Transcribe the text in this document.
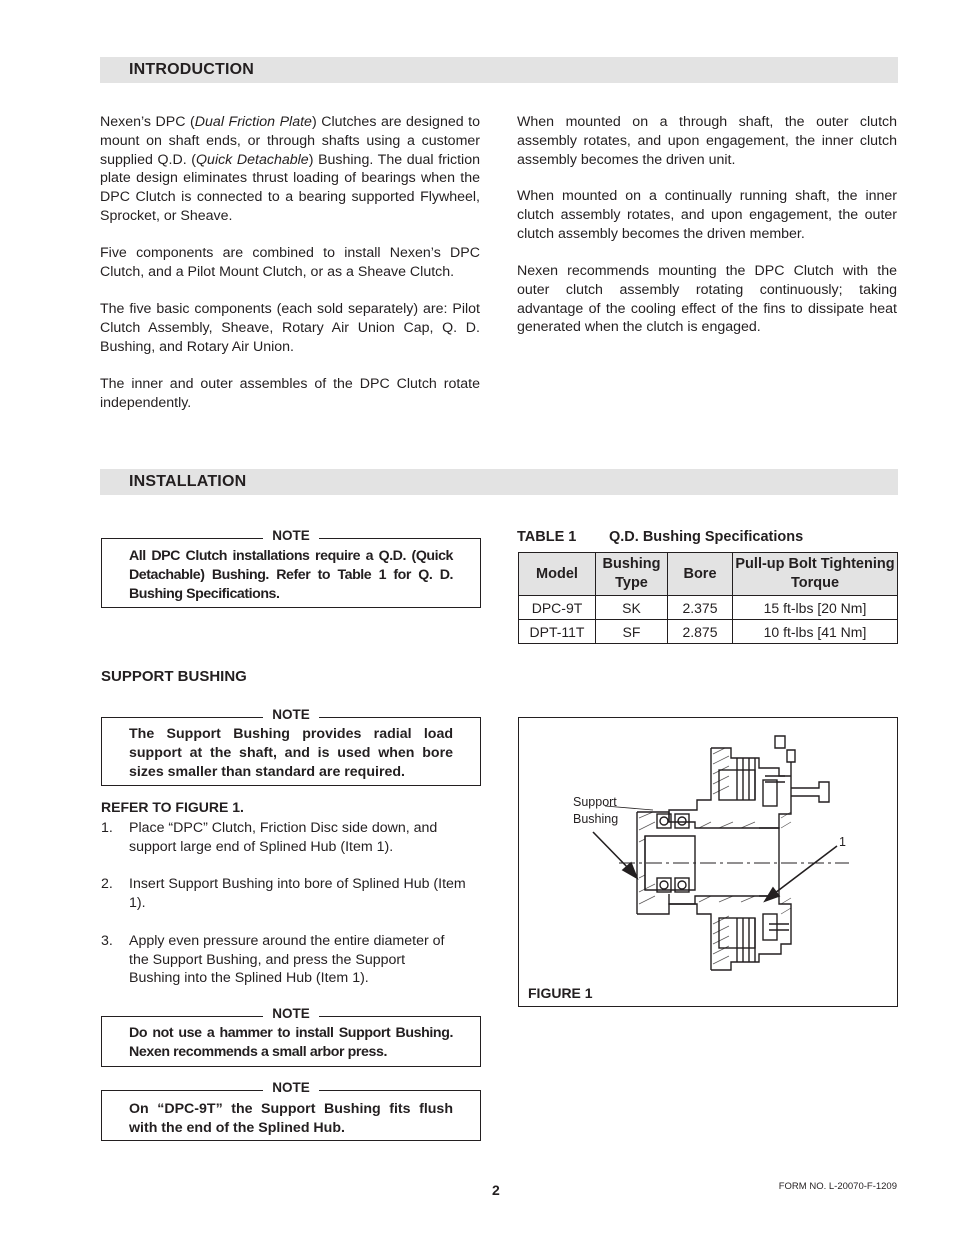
INTRODUCTION
Nexen’s DPC (Dual Friction Plate) Clutches are designed to mount on shaft ends, or through shafts using a customer supplied Q.D. (Quick Detachable) Bushing. The dual friction plate design eliminates thrust loading of bearings when the DPC Clutch is connected to a bearing supported Flywheel, Sprocket, or Sheave.

Five components are combined to install Nexen’s DPC Clutch, and a Pilot Mount Clutch, or as a Sheave Clutch.

The five basic components (each sold separately) are: Pilot Clutch Assembly, Sheave, Rotary Air Union Cap, Q. D. Bushing, and Rotary Air Union.

The inner and outer assembles of the DPC Clutch rotate independently.

When mounted on a through shaft, the outer clutch assembly rotates, and upon engagement, the inner clutch assembly becomes the driven unit.

When mounted on a continually running shaft, the inner clutch assembly rotates, and upon engagement, the outer clutch assembly becomes the driven member.

Nexen recommends mounting the DPC Clutch with the outer clutch assembly rotating continuously; taking advantage of the cooling effect of the fins to dissipate heat generated when the clutch is engaged.

INSTALLATION
NOTE
All DPC Clutch installations require a Q.D. (Quick Detachable) Bushing. Refer to Table 1 for Q. D. Bushing Specifications.
TABLE 1 Q.D. Bushing Specifications
Model	Bushing Type	Bore	Pull-up Bolt Tightening Torque
DPC-9T	SK	2.375	15 ft-lbs [20 Nm]
DPT-11T	SF	2.875	10 ft-lbs [41 Nm]
SUPPORT BUSHING
NOTE
The Support Bushing provides radial load support at the shaft, and is used when bore sizes smaller than standard are required.
REFER TO FIGURE 1.
1. Place “DPC” Clutch, Friction Disc side down, and support large end of Splined Hub (Item 1).
2. Insert Support Bushing into bore of Splined Hub (Item 1).
3. Apply even pressure around the entire diameter of the Support Bushing, and press the Support Bushing into the Splined Hub (Item 1).
NOTE
Do not use a hammer to install Support Bushing. Nexen recommends a small arbor press.
NOTE
On “DPC-9T” the Support Bushing fits flush with the end of the Splined Hub.
Support
Bushing
1
FIGURE 1
2	FORM NO. L-20070-F-1209
